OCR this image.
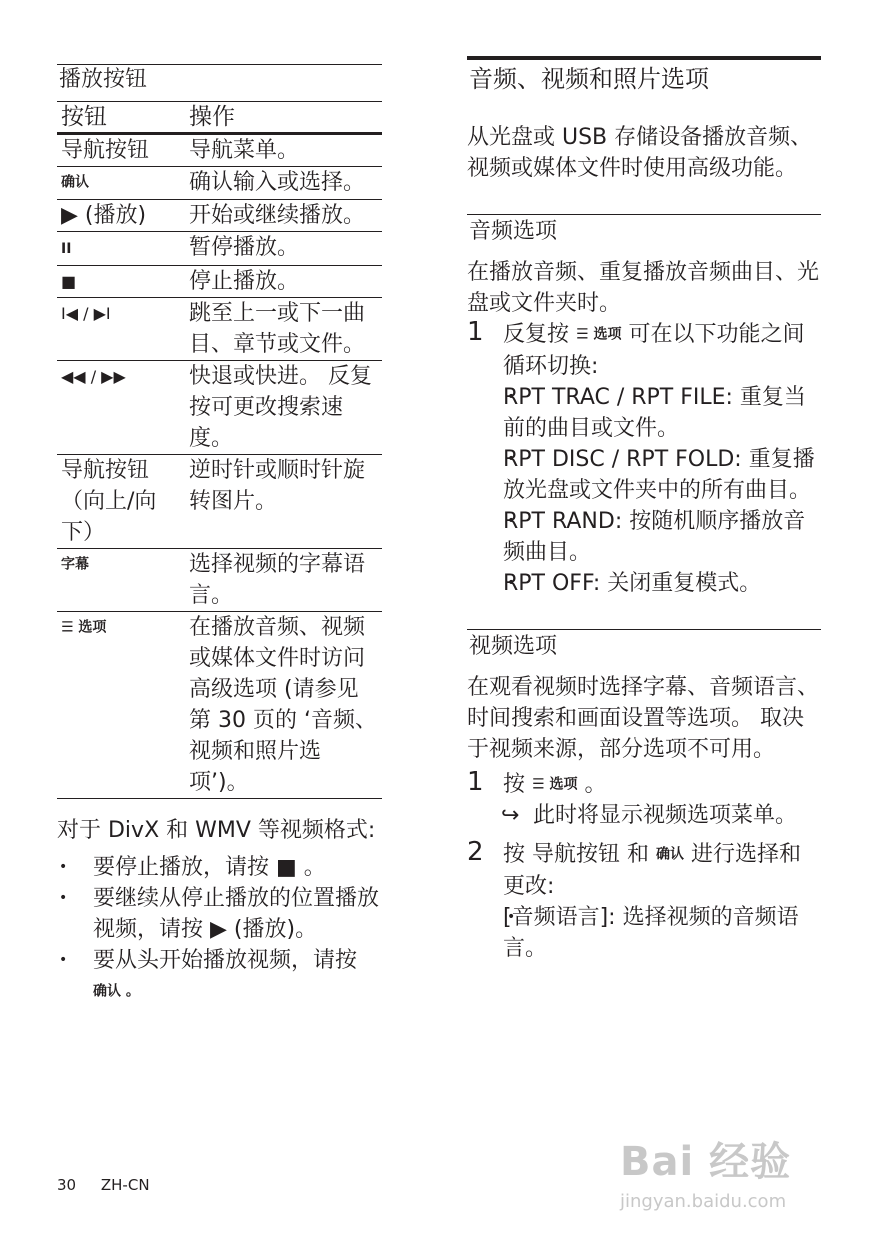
播放按钮
按钮	操作
导航按钮	导航菜单。
确认	确认输入或选择。
▶ (播放)	开始或继续播放。
II	暂停播放。
■	停止播放。
I◀ / ▶I	跳至上一或下一曲目、章节或文件。
◀◀ / ▶▶	快退或快进。 反复按可更改搜索速度。
导航按钮（向上/向下）	逆时针或顺时针旋转图片。
字幕	选择视频的字幕语言。
☰ 选项	在播放音频、视频或媒体文件时访问高级选项 (请参见第 30 页的 ‘音频、视频和照片选项’)。

对于 DivX 和 WMV 等视频格式:

• 要停止播放，请按 ■ 。
• 要继续从停止播放的位置播放视频，请按 ▶ (播放)。
• 要从头开始播放视频，请按
确认 。
音频、视频和照片选项

从光盘或 USB 存储设备播放音频、视频或媒体文件时使用高级功能。

音频选项

在播放音频、重复播放音频曲目、光盘或文件夹时。

1 反复按 ☰ 选项 可在以下功能之间循环切换:
• RPT TRAC / RPT FILE: 重复当前的曲目或文件。
• RPT DISC / RPT FOLD: 重复播放光盘或文件夹中的所有曲目。
• RPT RAND: 按随机顺序播放音频曲目。
• RPT OFF: 关闭重复模式。
视频选项

在观看视频时选择字幕、音频语言、时间搜索和画面设置等选项。 取决于视频来源，部分选项不可用。

1 按 ☰ 选项 。
↪ 此时将显示视频选项菜单。
2 按 导航按钮 和 确认 进行选择和更改:
• [音频语言]: 选择视频的音频语言。
30 ZH-CN	Bai 经验
jingyan.baidu.com
